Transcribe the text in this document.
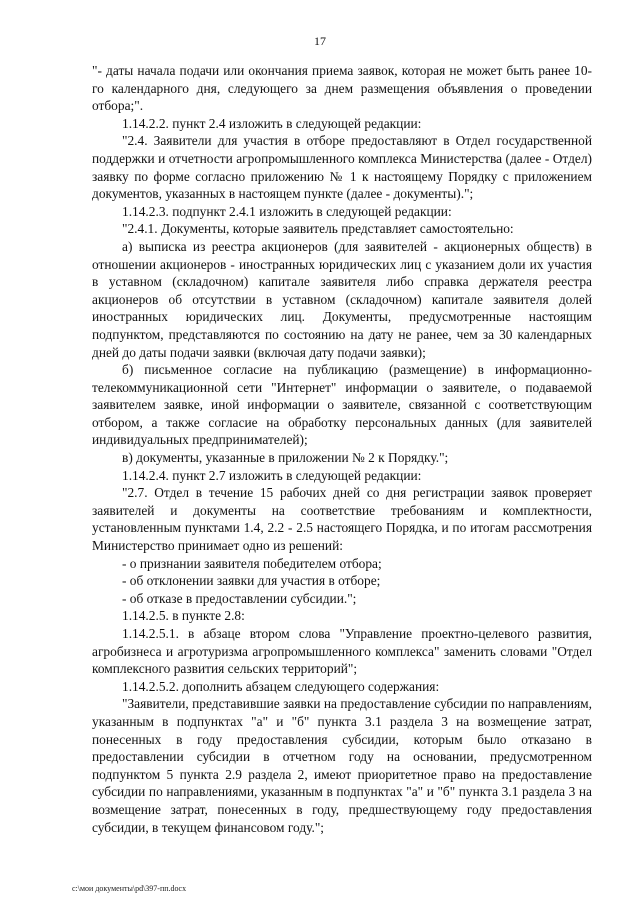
17

"- даты начала подачи или окончания приема заявок, которая не может быть ранее 10-го календарного дня, следующего за днем размещения объявления о проведении отбора;".

1.14.2.2. пункт 2.4 изложить в следующей редакции:

"2.4. Заявители для участия в отборе предоставляют в Отдел государственной поддержки и отчетности агропромышленного комплекса Министерства (далее - Отдел) заявку по форме согласно приложению № 1 к настоящему Порядку с приложением документов, указанных в настоящем пункте (далее - документы).";

1.14.2.3. подпункт 2.4.1 изложить в следующей редакции:

"2.4.1. Документы, которые заявитель представляет самостоятельно:

а) выписка из реестра акционеров (для заявителей - акционерных обществ) в отношении акционеров - иностранных юридических лиц с указанием доли их участия в уставном (складочном) капитале заявителя либо справка держателя реестра акционеров об отсутствии в уставном (складочном) капитале заявителя долей иностранных юридических лиц. Документы, предусмотренные настоящим подпунктом, представляются по состоянию на дату не ранее, чем за 30 календарных дней до даты подачи заявки (включая дату подачи заявки);

б) письменное согласие на публикацию (размещение) в информационно-телекоммуникационной сети "Интернет" информации о заявителе, о подаваемой заявителем заявке, иной информации о заявителе, связанной с соответствующим отбором, а также согласие на обработку персональных данных (для заявителей индивидуальных предпринимателей);

в) документы, указанные в приложении № 2 к Порядку.";

1.14.2.4. пункт 2.7 изложить в следующей редакции:

"2.7. Отдел в течение 15 рабочих дней со дня регистрации заявок проверяет заявителей и документы на соответствие требованиям и комплектности, установленным пунктами 1.4, 2.2 - 2.5 настоящего Порядка, и по итогам рассмотрения Министерство принимает одно из решений:

- о признании заявителя победителем отбора;

- об отклонении заявки для участия в отборе;

- об отказе в предоставлении субсидии.";

1.14.2.5. в пункте 2.8:

1.14.2.5.1. в абзаце втором слова "Управление проектно-целевого развития, агробизнеса и агротуризма агропромышленного комплекса" заменить словами "Отдел комплексного развития сельских территорий";

1.14.2.5.2. дополнить абзацем следующего содержания:

"Заявители, представившие заявки на предоставление субсидии по направлениям, указанным в подпунктах "а" и "б" пункта 3.1 раздела 3 на возмещение затрат, понесенных в году предоставления субсидии, которым было отказано в предоставлении субсидии в отчетном году на основании, предусмотренном подпунктом 5 пункта 2.9 раздела 2, имеют приоритетное право на предоставление субсидии по направлениями, указанным в подпунктах "а" и "б" пункта 3.1 раздела 3 на возмещение затрат, понесенных в году, предшествующему году предоставления субсидии, в текущем финансовом году.";

c:\мои документы\pd\397-пп.docx
